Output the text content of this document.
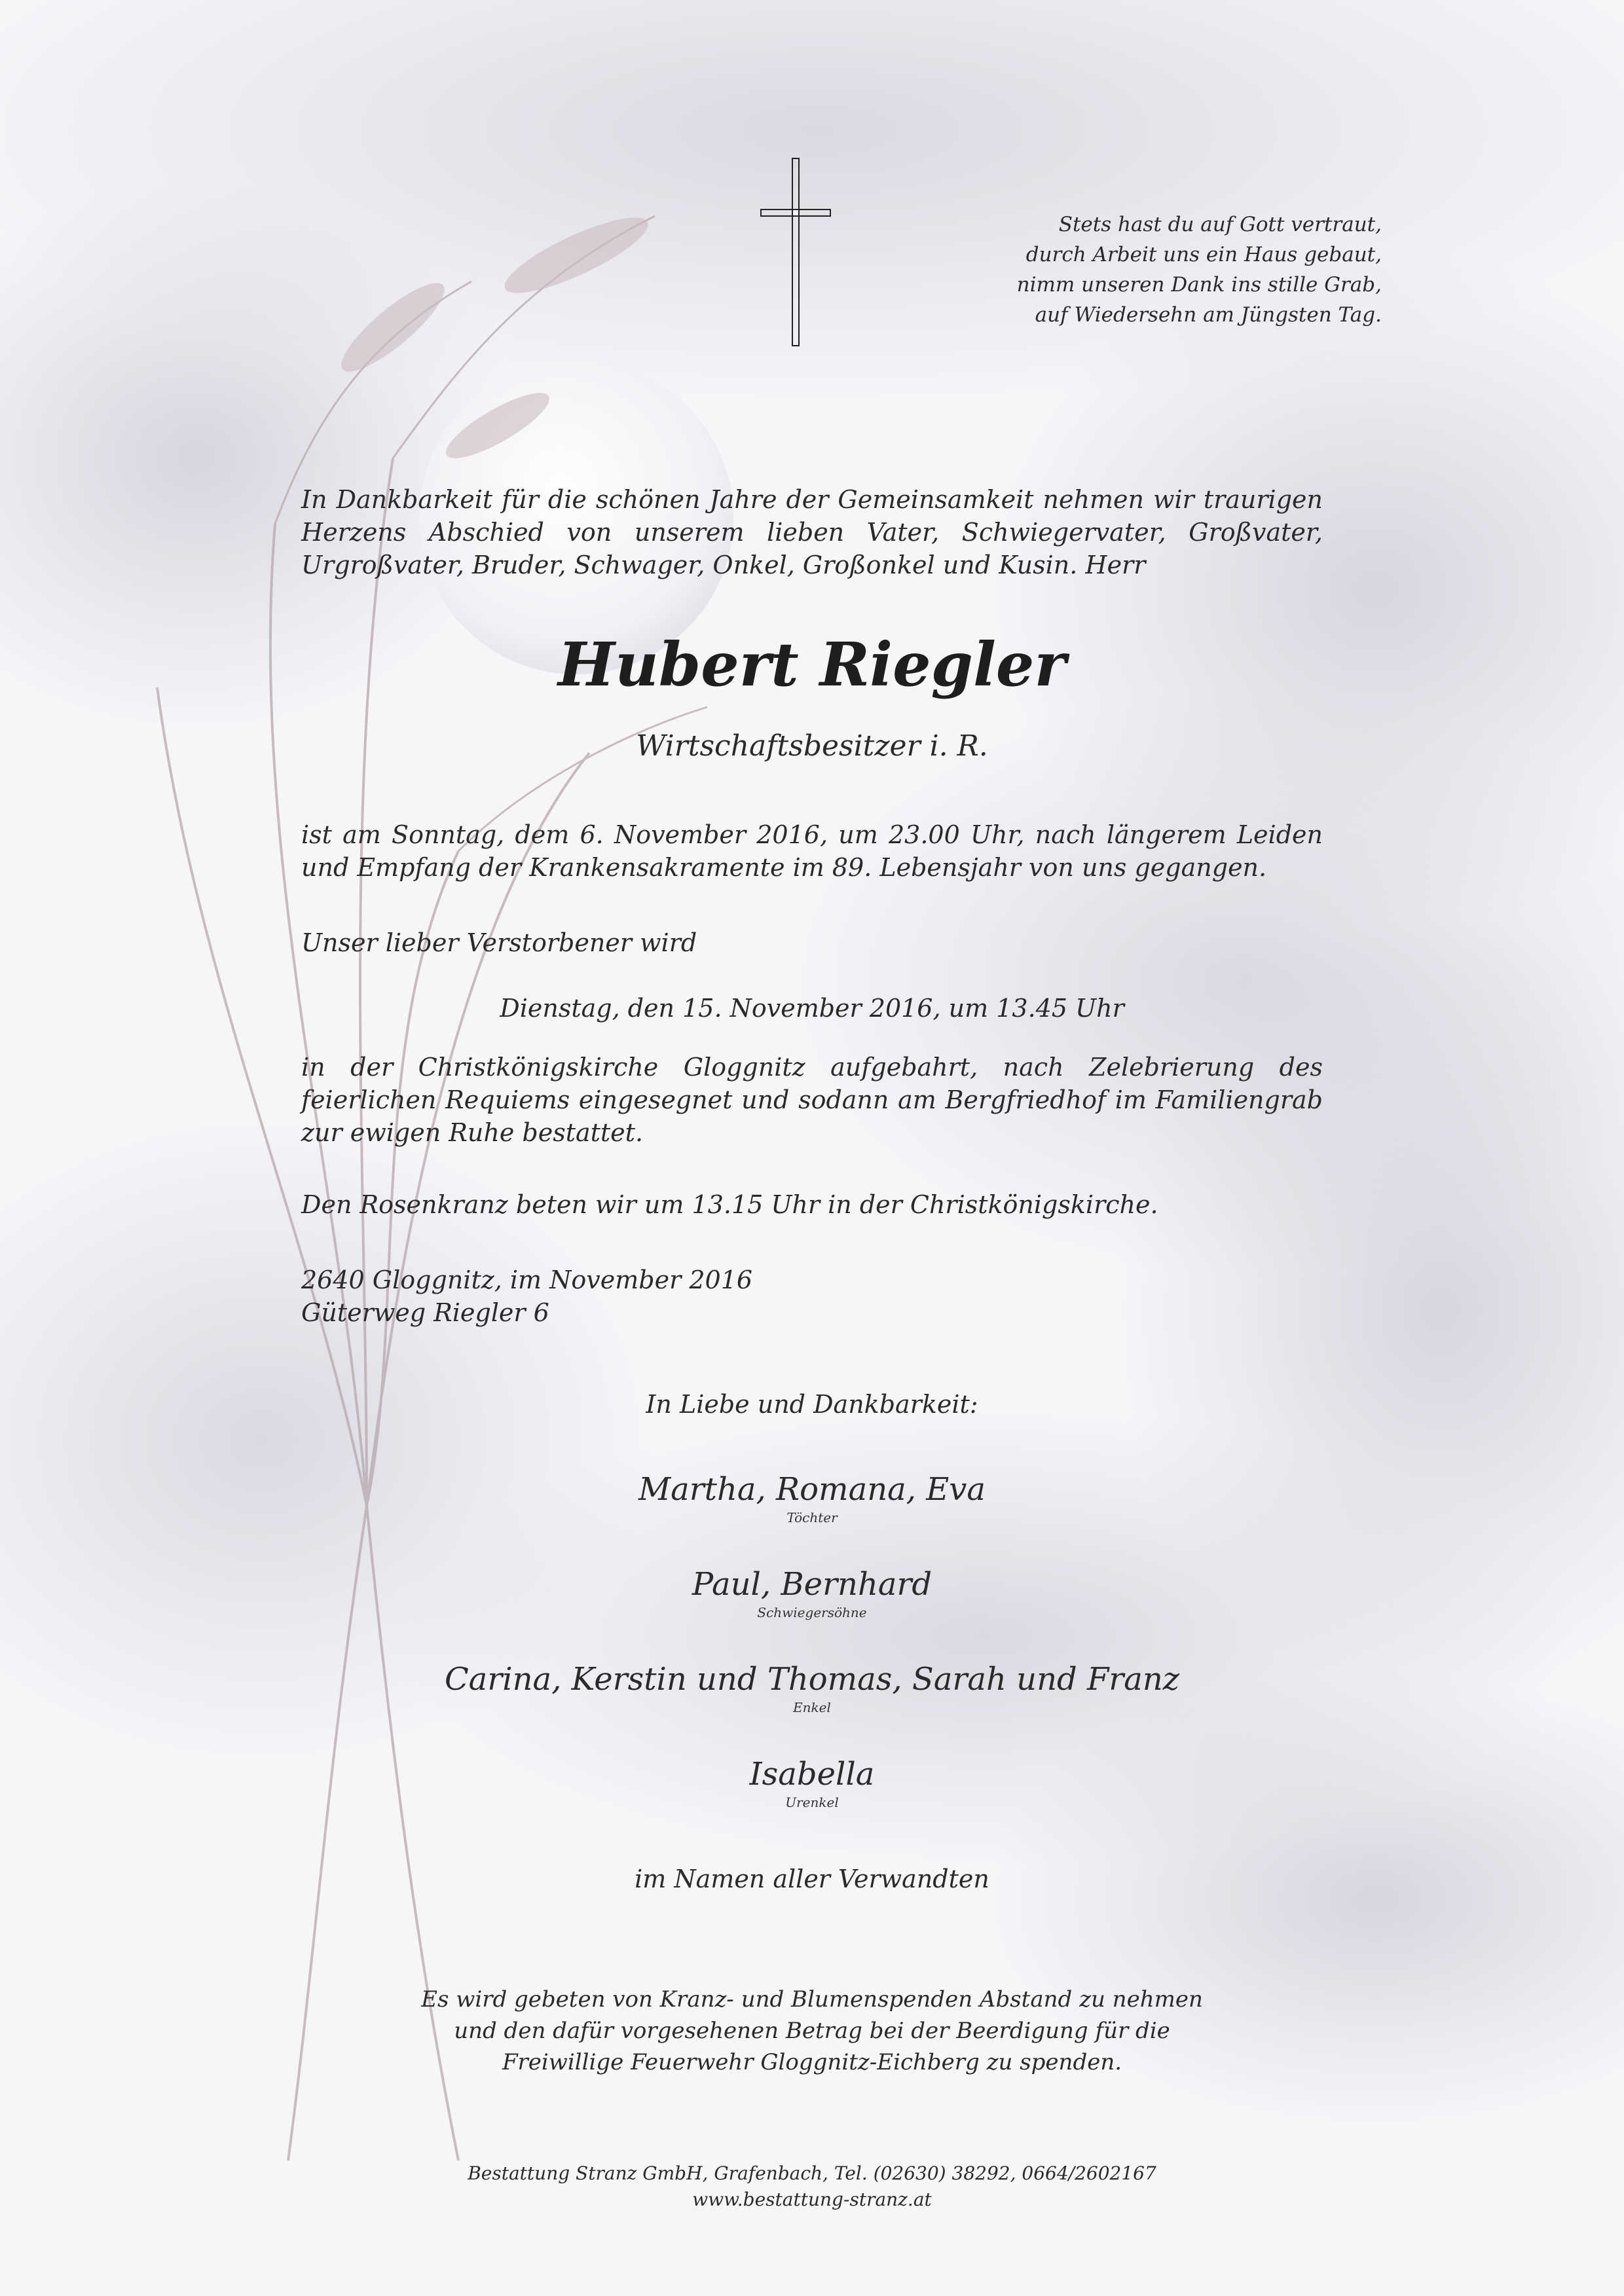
Stets hast du auf Gott vertraut,
durch Arbeit uns ein Haus gebaut,
nimm unseren Dank ins stille Grab,
auf Wiedersehn am Jüngsten Tag.
In Dankbarkeit für die schönen Jahre der Gemeinsamkeit nehmen wir traurigen Herzens Abschied von unserem lieben Vater, Schwiegervater, Großvater, Urgroßvater, Bruder, Schwager, Onkel, Großonkel und Kusin. Herr
Hubert Riegler
Wirtschaftsbesitzer i. R.
ist am Sonntag, dem 6. November 2016, um 23.00 Uhr, nach längerem Leiden und Empfang der Krankensakramente im 89. Lebensjahr von uns gegangen.
Unser lieber Verstorbener wird
Dienstag, den 15. November 2016, um 13.45 Uhr
in der Christkönigskirche Gloggnitz aufgebahrt, nach Zelebrierung des feierlichen Requiems eingesegnet und sodann am Bergfriedhof im Familiengrab zur ewigen Ruhe bestattet.
Den Rosenkranz beten wir um 13.15 Uhr in der Christkönigskirche.
2640 Gloggnitz, im November 2016
Güterweg Riegler 6
In Liebe und Dankbarkeit:
Martha, Romana, Eva
Töchter
Paul, Bernhard
Schwiegersöhne
Carina, Kerstin und Thomas, Sarah und Franz
Enkel
Isabella
Urenkel
im Namen aller Verwandten
Es wird gebeten von Kranz- und Blumenspenden Abstand zu nehmen
und den dafür vorgesehenen Betrag bei der Beerdigung für die
Freiwillige Feuerwehr Gloggnitz-Eichberg zu spenden.
Bestattung Stranz GmbH, Grafenbach, Tel. (02630) 38292, 0664/2602167
www.bestattung-stranz.at
